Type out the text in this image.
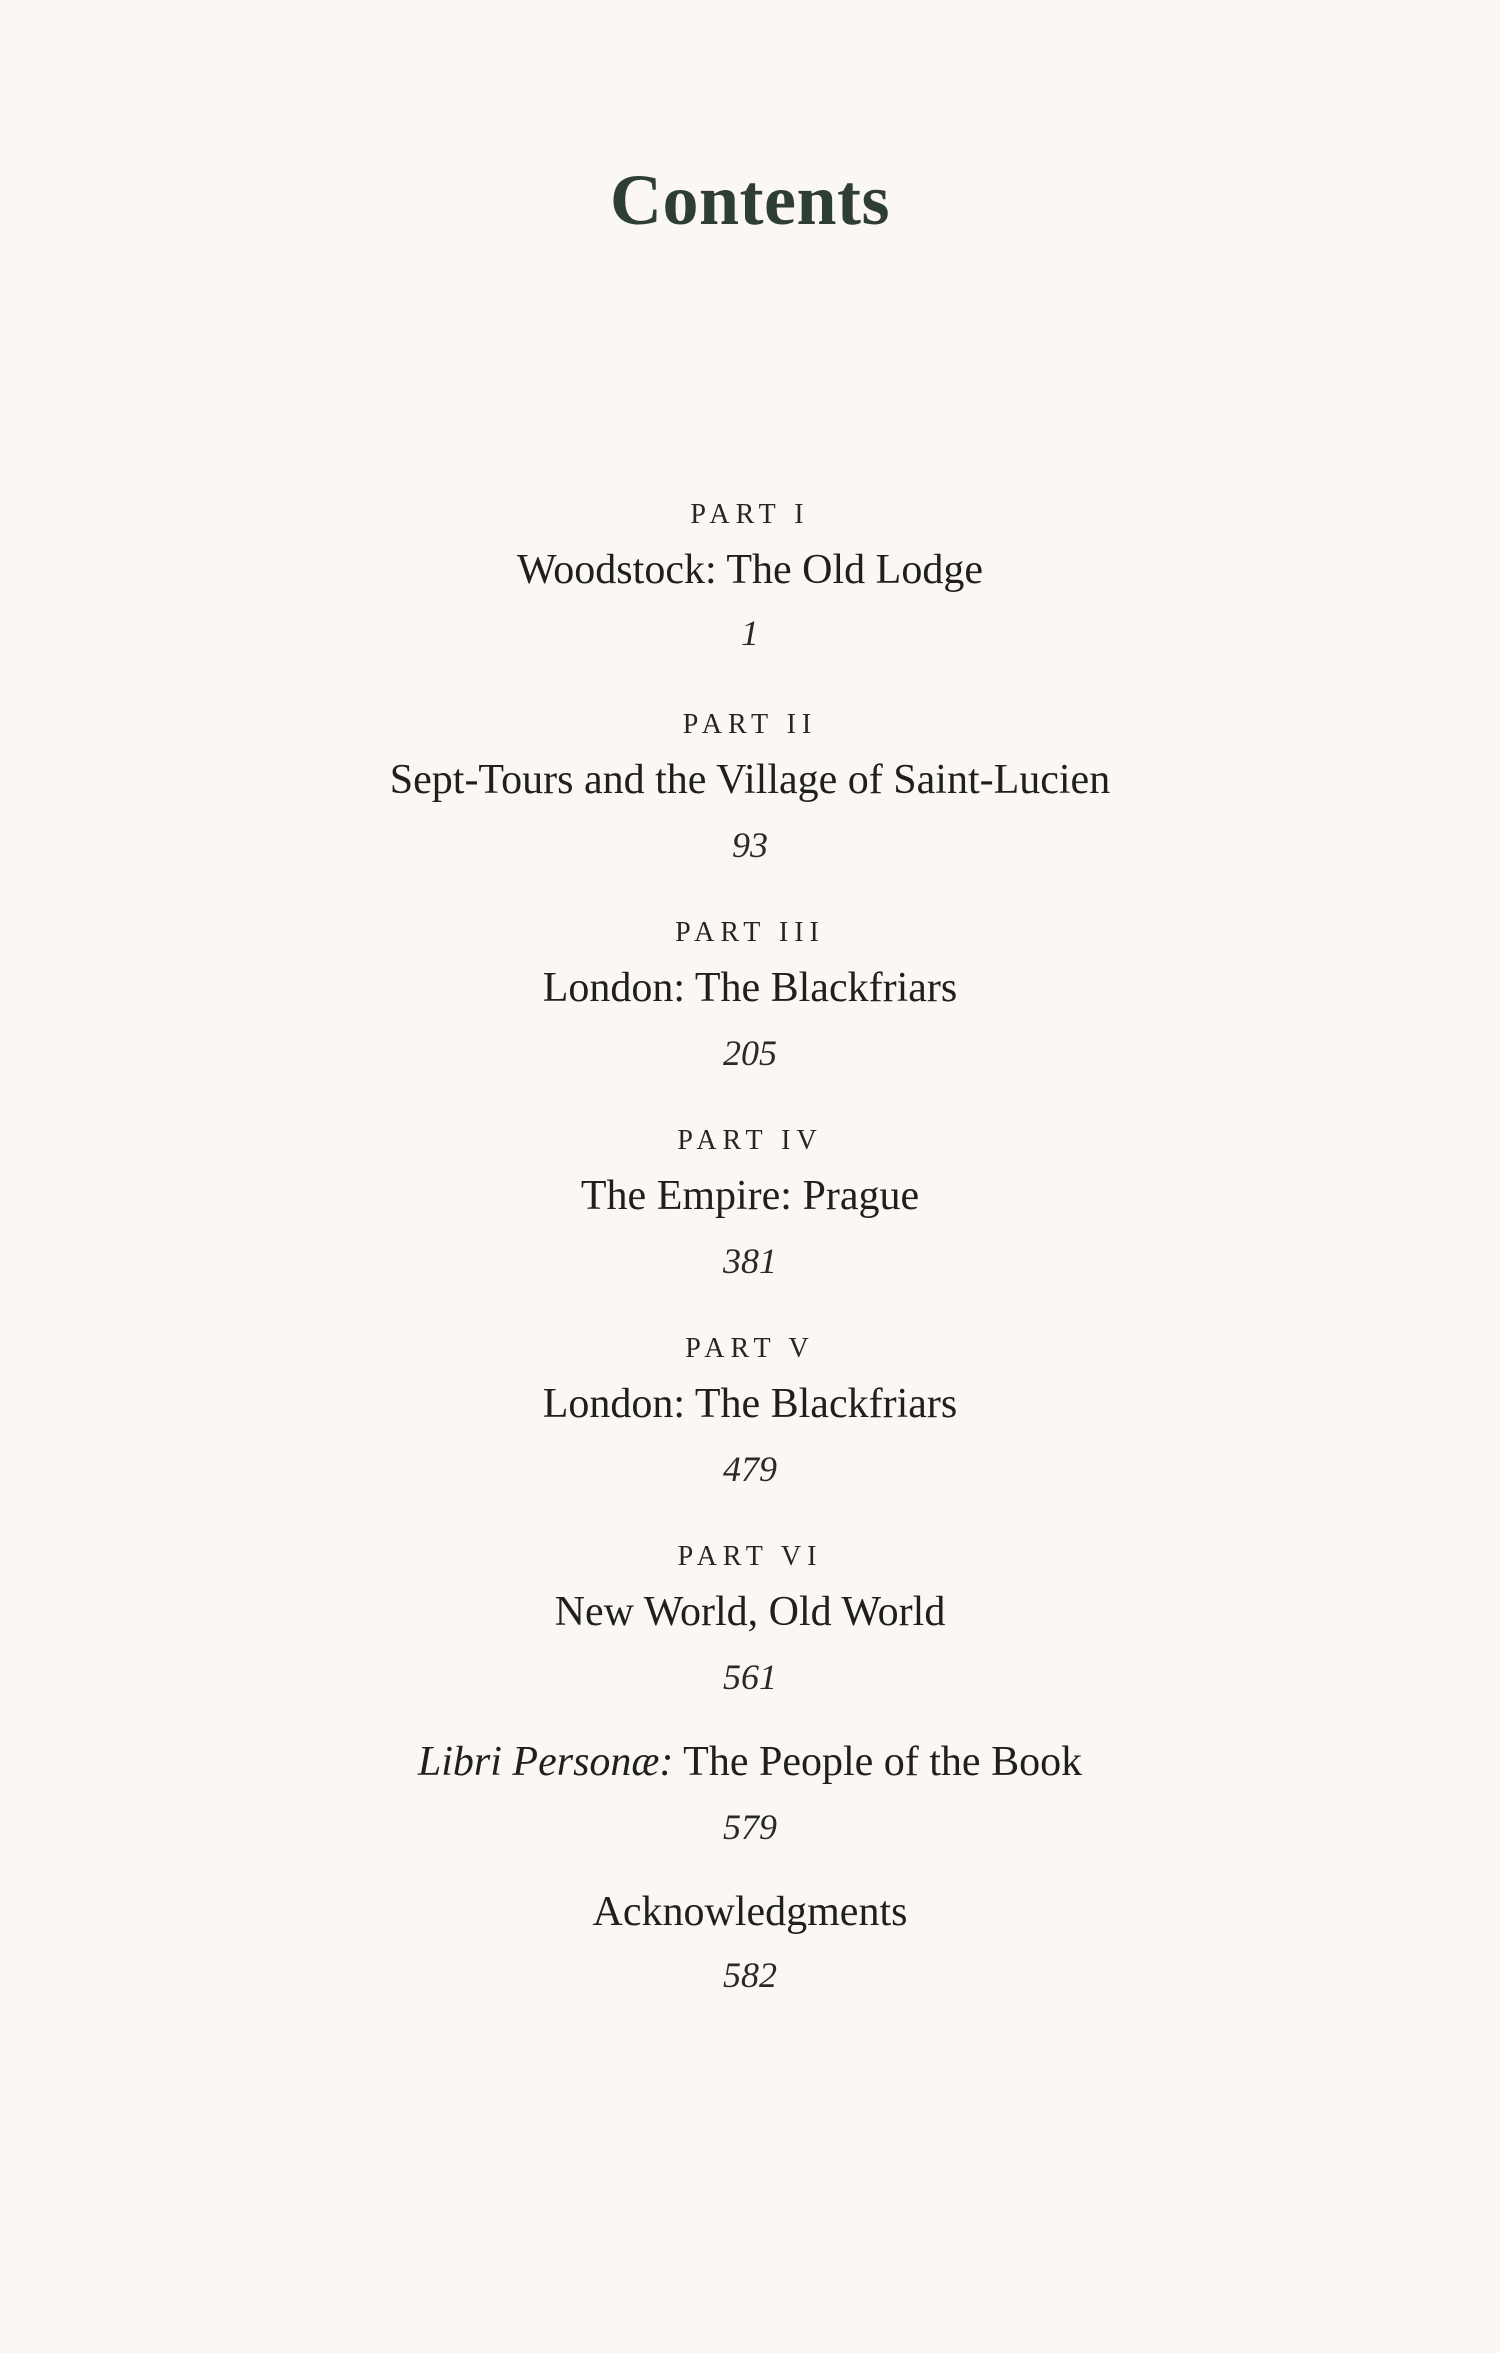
Contents
PART I
Woodstock: The Old Lodge
1
PART II
Sept-Tours and the Village of Saint-Lucien
93
PART III
London: The Blackfriars
205
PART IV
The Empire: Prague
381
PART V
London: The Blackfriars
479
PART VI
New World, Old World
561
Libri Personæ: The People of the Book
579
Acknowledgments
582
